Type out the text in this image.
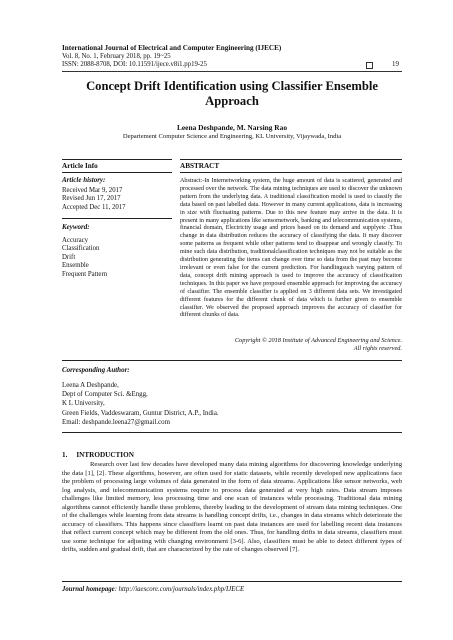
International Journal of Electrical and Computer Engineering (IJECE)
Vol. 8, No. 1, February 2018, pp. 19~25
ISSN: 2088-8708, DOI: 10.11591/ijece.v8i1.pp19-25	19
Concept Drift Identification using Classifier Ensemble Approach
Leena Deshpande, M. Narsing Rao
Departement Computer Science and Engineering, KL University, Vijaywada, India
Article Info
Article history:
Received Mar 9, 2017
Revised Jun 17, 2017
Accepted Dec 11, 2017
Keyword:
Accuracy
Classification
Drift
Ensemble
Frequent Pattern
ABSTRACT
Abstract:-In Internetworking system, the huge amount of data is scattered, generated and processed over the network. The data mining techniques are used to discover the unknown pattern from the underlying data. A traditional classification model is used to classify the data based on past labelled data. However in many current applications, data is increasing in size with fluctuating patterns. Due to this new feature may arrive in the data. It is present in many applications like sensornetwork, banking and telecommunication systems, financial domain, Electricity usage and prices based on its demand and supplyetc .Thus change in data distribution reduces the accuracy of classifying the data. It may discover some patterns as frequent while other patterns tend to disappear and wrongly classify. To mine such data distribution, traditionalclassification techniques may not be suitable as the distribution generating the items can change over time so data from the past may become irrelevant or even false for the current prediction. For handlingsuch varying pattern of data, concept drift mining approach is used to improve the accuracy of classification techniques. In this paper we have proposed ensemble approach for improving the accuracy of classifier. The ensemble classifier is applied on 3 different data sets. We investigated different features for the different chunk of data which is further given to ensemble classifier. We observed the proposed approach improves the accuracy of classifier for different chunks of data.
Copyright © 2018 Institute of Advanced Engineering and Science.
All rights reserved.
Corresponding Author:
Leena A Deshpande,
Dept of Computer Sci. &Engg,
K L University,
Green Fields, Vaddeswaram, Guntur District, A.P., India.
Email: deshpande.leena27@gmail.com
1.     INTRODUCTION
Research over last few decades have developed many data mining algorithms for discovering knowledge underlying the data [1], [2]. These algorithms, however, are often used for static datasets, while recently developed new applications face the problem of processing large volumes of data generated in the form of data streams. Applications like sensor networks, web log analysis, and telecommunication systems require to process data generated at very high rates. Data stream imposes challenges like limited memory, less processing time and one scan of instances while processing. Traditional data mining algorithms cannot efficiently handle these problems, thereby leading to the development of stream data mining techniques. One of the challenges while learning from data streams is handling concept drifts, i.e., changes in data streams which deteriorate the accuracy of classifiers. This happens since classifiers learnt on past data instances are used for labelling recent data instances that reflect current concept which may be different from the old ones. Thus, for handling drifts in data streams, classifiers must use some technique for adjusting with changing environment [3-6]. Also, classifiers must be able to detect different types of drifts, sudden and gradual drift, that are characterized by the rate of changes observed [7].
Journal homepage: http://iaescore.com/journals/index.php/IJECE
